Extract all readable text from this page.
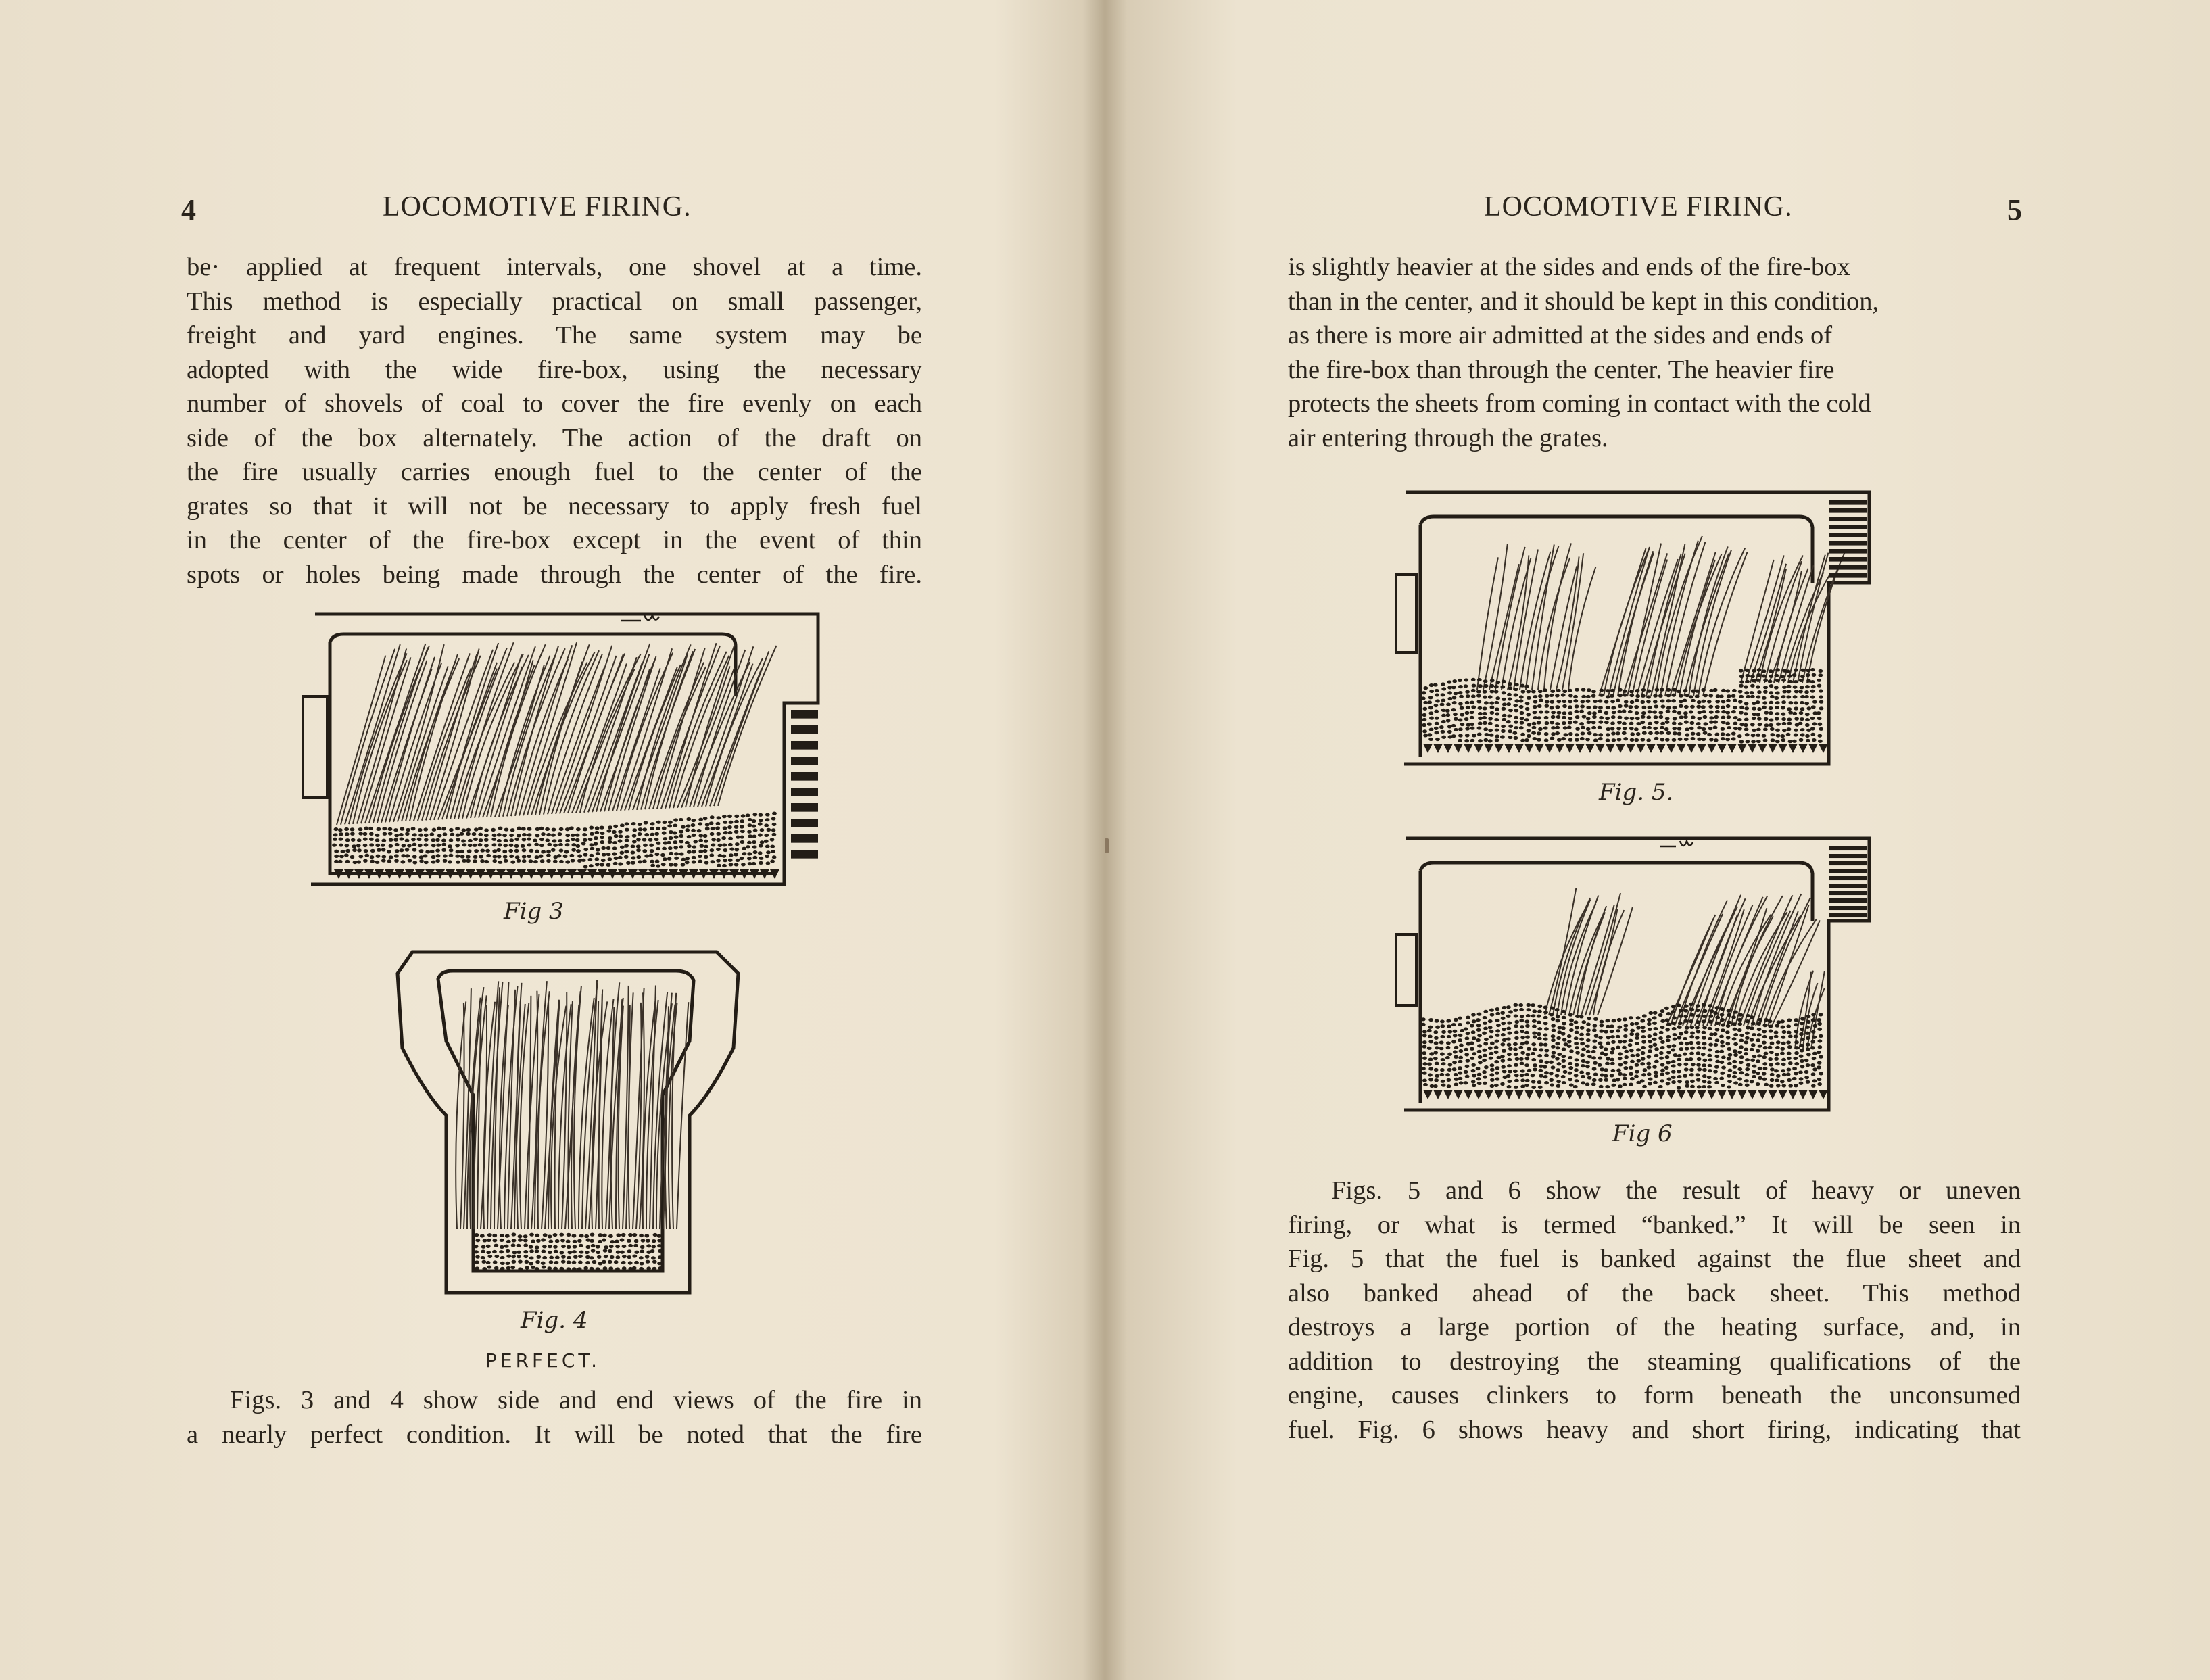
4	LOCOMOTIVE FIRING.
be· applied at frequent intervals, one shovel at a time.
This method is especially practical on small passenger,
freight and yard engines. The same system may be
adopted with the wide fire-box, using the necessary
number of shovels of coal to cover the fire evenly on each
side of the box alternately. The action of the draft on
the fire usually carries enough fuel to the center of the
grates so that it will not be necessary to apply fresh fuel
in the center of the fire-box except in the event of thin
spots or holes being made through the center of the fire.
Fig 3
Fig. 4
PERFECT.
Figs. 3 and 4 show side and end views of the fire in
a nearly perfect condition. It will be noted that the fire
LOCOMOTIVE FIRING.	5
is slightly heavier at the sides and ends of the fire-box
than in the center, and it should be kept in this condition,
as there is more air admitted at the sides and ends of
the fire-box than through the center. The heavier fire
protects the sheets from coming in contact with the cold
air entering through the grates.
Fig. 5.
Fig 6
Figs. 5 and 6 show the result of heavy or uneven
firing, or what is termed “banked.” It will be seen in
Fig. 5 that the fuel is banked against the flue sheet and
also banked ahead of the back sheet. This method
destroys a large portion of the heating surface, and, in
addition to destroying the steaming qualifications of the
engine, causes clinkers to form beneath the unconsumed
fuel. Fig. 6 shows heavy and short firing, indicating that
